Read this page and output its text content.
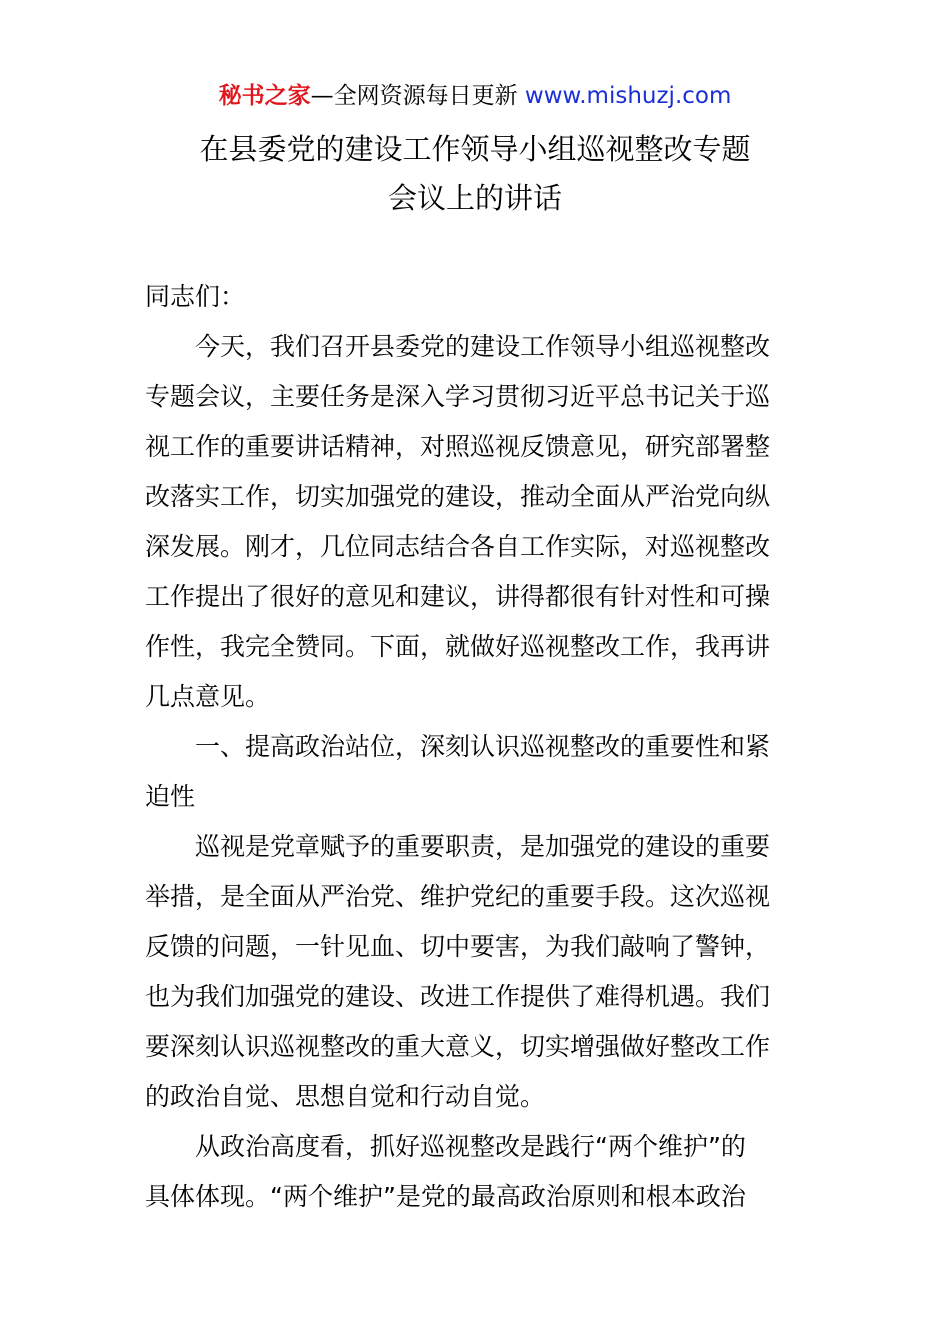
秘书之家—全网资源每日更新 www.mishuzj.com
在县委党的建设工作领导小组巡视整改专题
会议上的讲话
同志们：
今天，我们召开县委党的建设工作领导小组巡视整改
专题会议，主要任务是深入学习贯彻习近平总书记关于巡
视工作的重要讲话精神，对照巡视反馈意见，研究部署整
改落实工作，切实加强党的建设，推动全面从严治党向纵
深发展。刚才，几位同志结合各自工作实际，对巡视整改
工作提出了很好的意见和建议，讲得都很有针对性和可操
作性，我完全赞同。下面，就做好巡视整改工作，我再讲
几点意见。
一、提高政治站位，深刻认识巡视整改的重要性和紧
迫性
巡视是党章赋予的重要职责，是加强党的建设的重要
举措，是全面从严治党、维护党纪的重要手段。这次巡视
反馈的问题，一针见血、切中要害，为我们敲响了警钟，
也为我们加强党的建设、改进工作提供了难得机遇。我们
要深刻认识巡视整改的重大意义，切实增强做好整改工作
的政治自觉、思想自觉和行动自觉。
从政治高度看，抓好巡视整改是践行“两个维护”的
具体体现。“两个维护”是党的最高政治原则和根本政治
